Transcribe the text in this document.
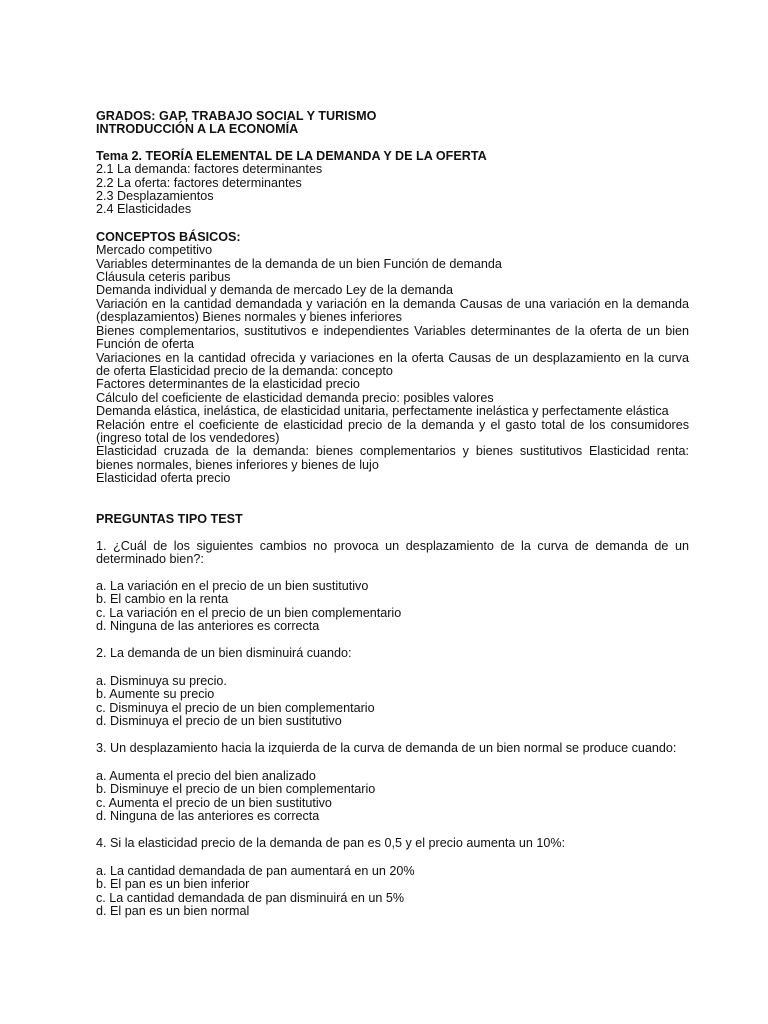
GRADOS: GAP, TRABAJO SOCIAL Y TURISMO
INTRODUCCIÓN A LA ECONOMÍA
Tema 2. TEORÍA ELEMENTAL DE LA DEMANDA Y DE LA OFERTA
2.1 La demanda: factores determinantes
2.2 La oferta: factores determinantes
2.3 Desplazamientos
2.4 Elasticidades
CONCEPTOS BÁSICOS:
Mercado competitivo
Variables determinantes de la demanda de un bien Función de demanda
Cláusula ceteris paribus
Demanda individual y demanda de mercado Ley de la demanda
Variación en la cantidad demandada y variación en la demanda Causas de una variación en la demanda (desplazamientos) Bienes normales y bienes inferiores
Bienes complementarios, sustitutivos e independientes Variables determinantes de la oferta de un bien Función de oferta
Variaciones en la cantidad ofrecida y variaciones en la oferta Causas de un desplazamiento en la curva de oferta Elasticidad precio de la demanda: concepto
Factores determinantes de la elasticidad precio
Cálculo del coeficiente de elasticidad demanda precio: posibles valores
Demanda elástica, inelástica, de elasticidad unitaria, perfectamente inelástica y perfectamente elástica
Relación entre el coeficiente de elasticidad precio de la demanda y el gasto total de los consumidores (ingreso total de los vendedores)
Elasticidad cruzada de la demanda: bienes complementarios y bienes sustitutivos Elasticidad renta: bienes normales, bienes inferiores y bienes de lujo
Elasticidad oferta precio
PREGUNTAS TIPO TEST
1. ¿Cuál de los siguientes cambios no provoca un desplazamiento de la curva de demanda de un determinado bien?:
a. La variación en el precio de un bien sustitutivo
b. El cambio en la renta
c. La variación en el precio de un bien complementario
d. Ninguna de las anteriores es correcta
2. La demanda de un bien disminuirá cuando:
a. Disminuya su precio.
b. Aumente su precio
c. Disminuya el precio de un bien complementario
d. Disminuya el precio de un bien sustitutivo
3. Un desplazamiento hacia la izquierda de la curva de demanda de un bien normal se produce cuando:
a. Aumenta el precio del bien analizado
b. Disminuye el precio de un bien complementario
c. Aumenta el precio de un bien sustitutivo
d. Ninguna de las anteriores es correcta
4. Si la elasticidad precio de la demanda de pan es 0,5 y el precio aumenta un 10%:
a. La cantidad demandada de pan aumentará en un 20%
b. El pan es un bien inferior
c. La cantidad demandada de pan disminuirá en un 5%
d. El pan es un bien normal
